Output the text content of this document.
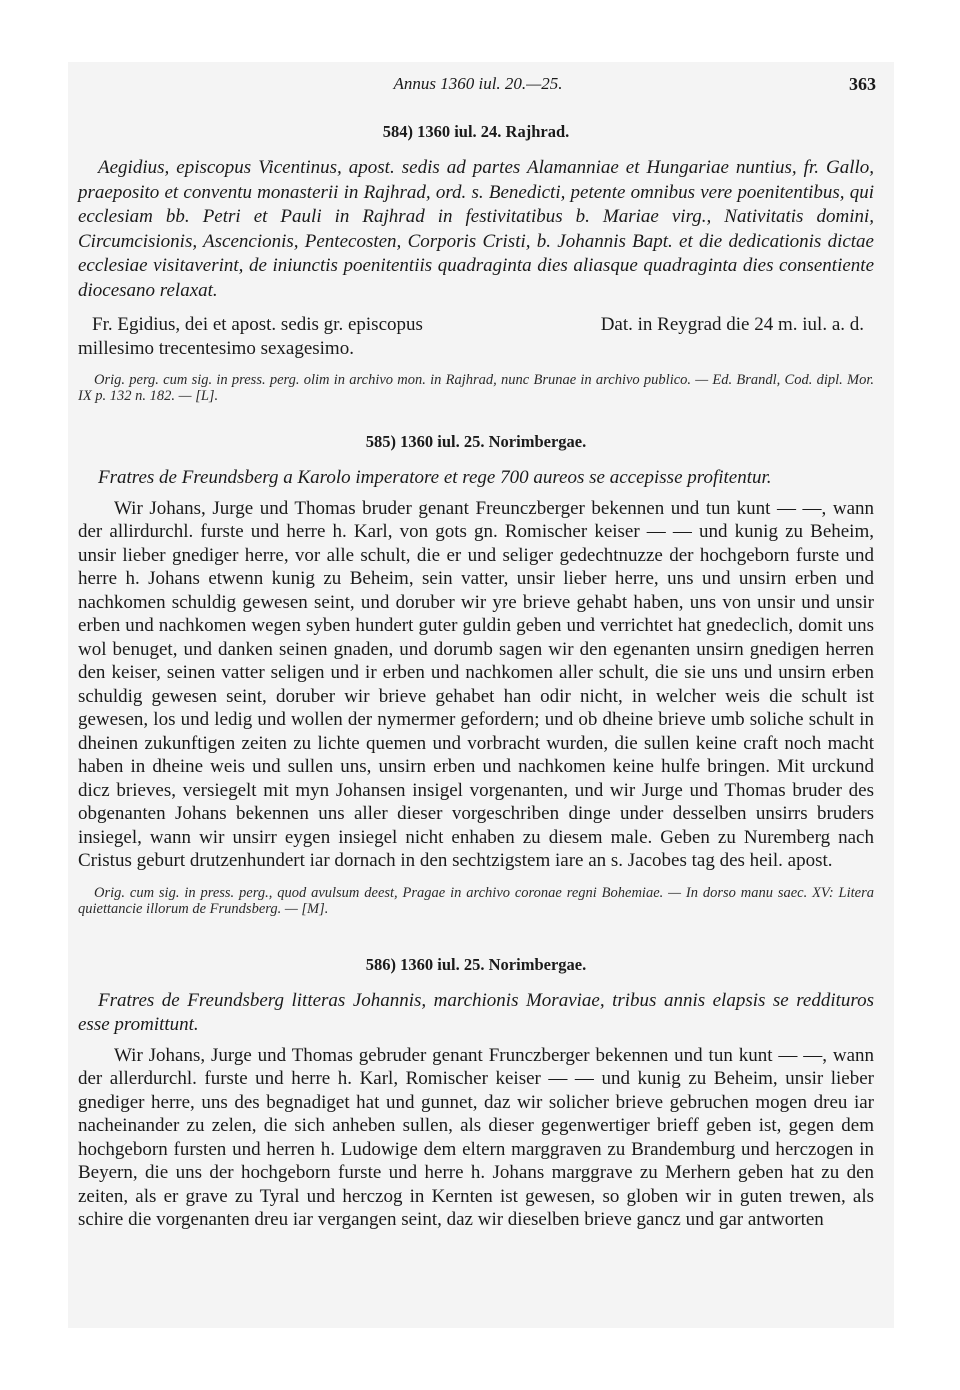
Annus 1360 iul. 20.—25.	363
584) 1360 iul. 24. Rajhrad.

Aegidius, episcopus Vicentinus, apost. sedis ad partes Alamanniae et Hungariae nuntius, fr. Gallo, praeposito et conventu monasterii in Rajhrad, ord. s. Benedicti, petente omnibus vere poenitentibus, qui ecclesiam bb. Petri et Pauli in Rajhrad in festivitatibus b. Mariae virg., Nativitatis domini, Circumcisionis, Ascencionis, Pentecosten, Corporis Cristi, b. Johannis Bapt. et die dedicationis dictae ecclesiae visitaverint, de iniunctis poenitentiis quadraginta dies aliasque quadraginta dies consentiente diocesano relaxat.

Fr. Egidius, dei et apost. sedis gr. episcopus	Dat. in Reygrad die 24 m. iul. a. d.
millesimo trecentesimo sexagesimo.

Orig. perg. cum sig. in press. perg. olim in archivo mon. in Rajhrad, nunc Brunae in archivo publico. — Ed. Brandl, Cod. dipl. Mor. IX p. 132 n. 182. — [L].

585) 1360 iul. 25. Norimbergae.

Fratres de Freundsberg a Karolo imperatore et rege 700 aureos se accepisse profitentur.

Wir Johans, Jurge und Thomas bruder genant Freunczberger bekennen und tun kunt — —, wann der allirdurchl. furste und herre h. Karl, von gots gn. Romischer keiser — — und kunig zu Beheim, unsir lieber gnediger herre, vor alle schult, die er und seliger gedechtnuzze der hochgeborn furste und herre h. Johans etwenn kunig zu Beheim, sein vatter, unsir lieber herre, uns und unsirn erben und nachkomen schuldig gewesen seint, und doruber wir yre brieve gehabt haben, uns von unsir und unsir erben und nachkomen wegen syben hundert guter guldin geben und verrichtet hat gnedeclich, domit uns wol benuget, und danken seinen gnaden, und dorumb sagen wir den egenanten unsirn gnedigen herren den keiser, seinen vatter seligen und ir erben und nachkomen aller schult, die sie uns und unsirn erben schuldig gewesen seint, doruber wir brieve gehabet han odir nicht, in welcher weis die schult ist gewesen, los und ledig und wollen der nymermer gefordern; und ob dheine brieve umb soliche schult in dheinen zukunftigen zeiten zu lichte quemen und vorbracht wurden, die sullen keine craft noch macht haben in dheine weis und sullen uns, unsirn erben und nachkomen keine hulfe bringen. Mit urckund dicz brieves, versiegelt mit myn Johansen insigel vorgenanten, und wir Jurge und Thomas bruder des obgenanten Johans bekennen uns aller dieser vorgeschriben dinge under desselben unsirrs bruders insiegel, wann wir unsirr eygen insiegel nicht enhaben zu diesem male. Geben zu Nuremberg nach Cristus geburt drutzenhundert iar dornach in den sechtzigstem iare an s. Jacobes tag des heil. apost.

Orig. cum sig. in press. perg., quod avulsum deest, Pragae in archivo coronae regni Bohemiae. — In dorso manu saec. XV: Litera quiettancie illorum de Frundsberg. — [M].

586) 1360 iul. 25. Norimbergae.

Fratres de Freundsberg litteras Johannis, marchionis Moraviae, tribus annis elapsis se reddituros esse promittunt.

Wir Johans, Jurge und Thomas gebruder genant Frunczberger bekennen und tun kunt — —, wann der allerdurchl. furste und herre h. Karl, Romischer keiser — — und kunig zu Beheim, unsir lieber gnediger herre, uns des begnadiget hat und gunnet, daz wir solicher brieve gebruchen mogen dreu iar nacheinander zu zelen, die sich anheben sullen, als dieser gegenwertiger brieff geben ist, gegen dem hochgeborn fursten und herren h. Ludowige dem eltern marggraven zu Brandemburg und herczogen in Beyern, die uns der hochgeborn furste und herre h. Johans marggrave zu Merhern geben hat zu den zeiten, als er grave zu Tyral und herczog in Kernten ist gewesen, so globen wir in guten trewen, als schire die vorgenanten dreu iar vergangen seint, daz wir dieselben brieve gancz und gar antworten
